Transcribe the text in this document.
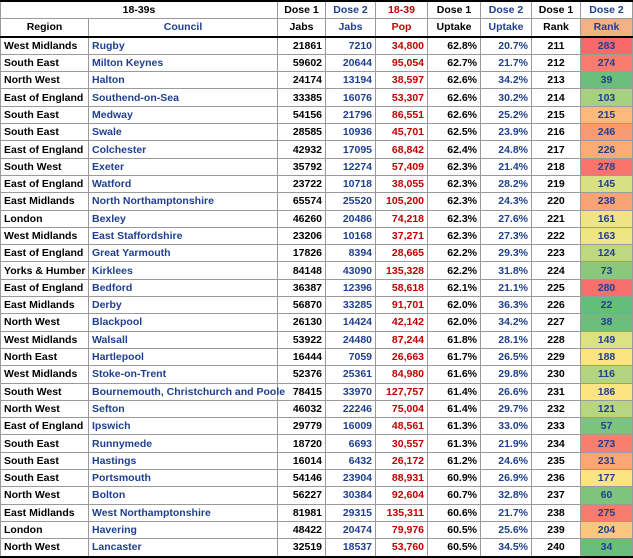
18-39s		Dose 1	Dose 2	18-39	Dose 1	Dose 2	Dose 1	Dose 2
Region	Council	Jabs	Jabs	Pop	Uptake	Uptake	Rank	Rank
West Midlands	Rugby	21861	7210	34,800	62.8%	20.7%	211	283
South East	Milton Keynes	59602	20644	95,054	62.7%	21.7%	212	274
North West	Halton	24174	13194	38,597	62.6%	34.2%	213	39
East of England	Southend-on-Sea	33385	16076	53,307	62.6%	30.2%	214	103
South East	Medway	54156	21796	86,551	62.6%	25.2%	215	215
South East	Swale	28585	10936	45,701	62.5%	23.9%	216	246
East of England	Colchester	42932	17095	68,842	62.4%	24.8%	217	226
South West	Exeter	35792	12274	57,409	62.3%	21.4%	218	278
East of England	Watford	23722	10718	38,055	62.3%	28.2%	219	145
East Midlands	North Northamptonshire	65574	25520	105,200	62.3%	24.3%	220	238
London	Bexley	46260	20486	74,218	62.3%	27.6%	221	161
West Midlands	East Staffordshire	23206	10168	37,271	62.3%	27.3%	222	163
East of England	Great Yarmouth	17826	8394	28,665	62.2%	29.3%	223	124
Yorks & Humber	Kirklees	84148	43090	135,328	62.2%	31.8%	224	73
East of England	Bedford	36387	12396	58,618	62.1%	21.1%	225	280
East Midlands	Derby	56870	33285	91,701	62.0%	36.3%	226	22
North West	Blackpool	26130	14424	42,142	62.0%	34.2%	227	38
West Midlands	Walsall	53922	24480	87,244	61.8%	28.1%	228	149
North East	Hartlepool	16444	7059	26,663	61.7%	26.5%	229	188
West Midlands	Stoke-on-Trent	52376	25361	84,980	61.6%	29.8%	230	116
South West	Bournemouth, Christchurch and Poole	78415	33970	127,757	61.4%	26.6%	231	186
North West	Sefton	46032	22246	75,004	61.4%	29.7%	232	121
East of England	Ipswich	29779	16009	48,561	61.3%	33.0%	233	57
South East	Runnymede	18720	6693	30,557	61.3%	21.9%	234	273
South East	Hastings	16014	6432	26,172	61.2%	24.6%	235	231
South East	Portsmouth	54146	23904	88,931	60.9%	26.9%	236	177
North West	Bolton	56227	30384	92,604	60.7%	32.8%	237	60
East Midlands	West Northamptonshire	81981	29315	135,311	60.6%	21.7%	238	275
London	Havering	48422	20474	79,976	60.5%	25.6%	239	204
North West	Lancaster	32519	18537	53,760	60.5%	34.5%	240	34
